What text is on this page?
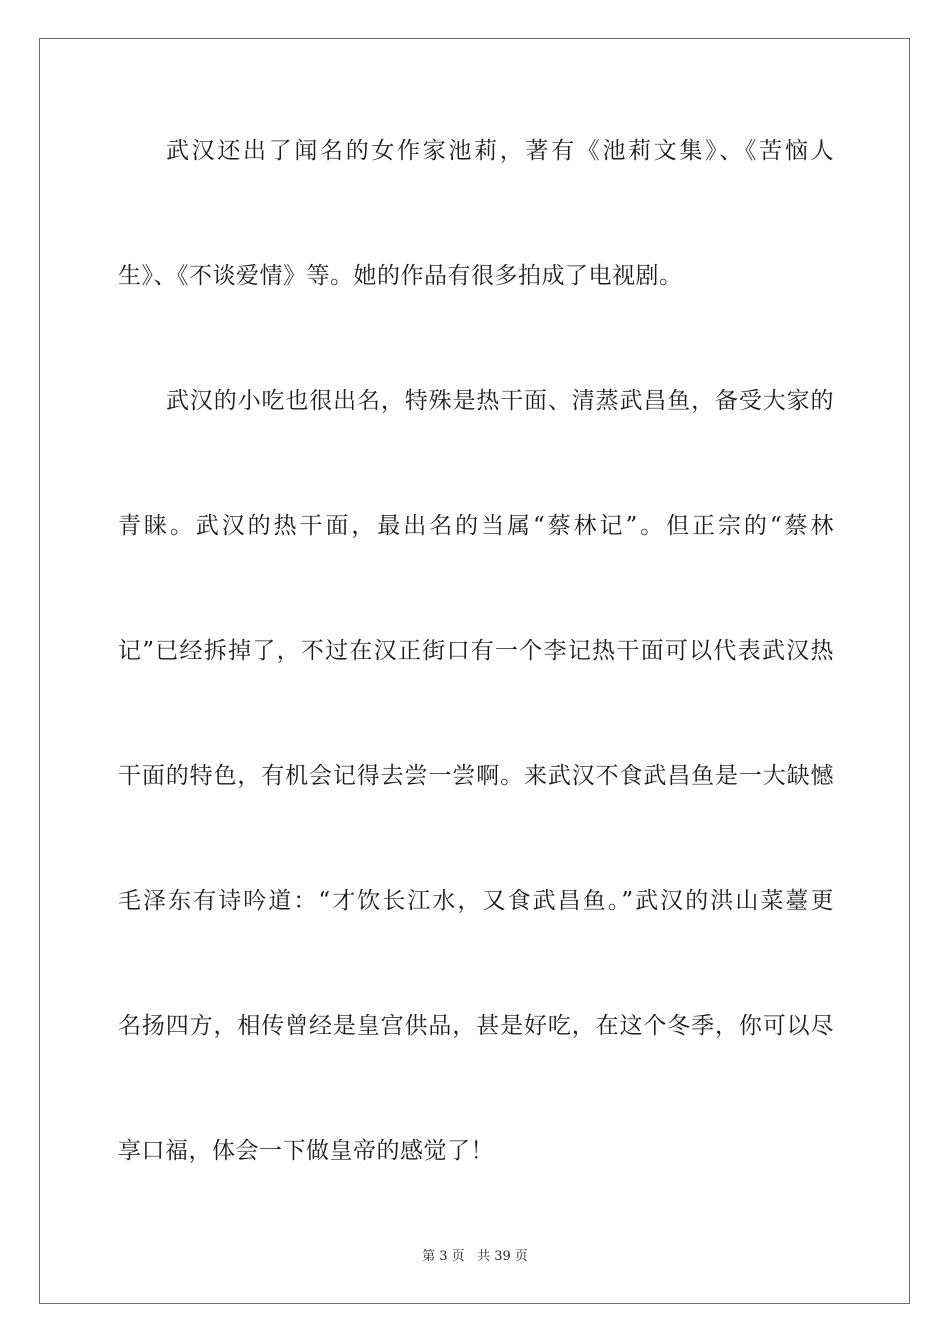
武汉还出了闻名的女作家池莉，著有《池莉文集》、《苦恼人
生》、《不谈爱情》等。她的作品有很多拍成了电视剧。
武汉的小吃也很出名，特殊是热干面、清蒸武昌鱼，备受大家的
青睐。武汉的热干面，最出名的当属“蔡林记”。但正宗的“蔡林
记”已经拆掉了，不过在汉正街口有一个李记热干面可以代表武汉热
干面的特色，有机会记得去尝一尝啊。来武汉不食武昌鱼是一大缺憾
毛泽东有诗吟道：“才饮长江水，又食武昌鱼。”武汉的洪山菜薹更
名扬四方，相传曾经是皇宫供品，甚是好吃，在这个冬季，你可以尽
享口福，体会一下做皇帝的感觉了！
第 3 页 共 39 页
